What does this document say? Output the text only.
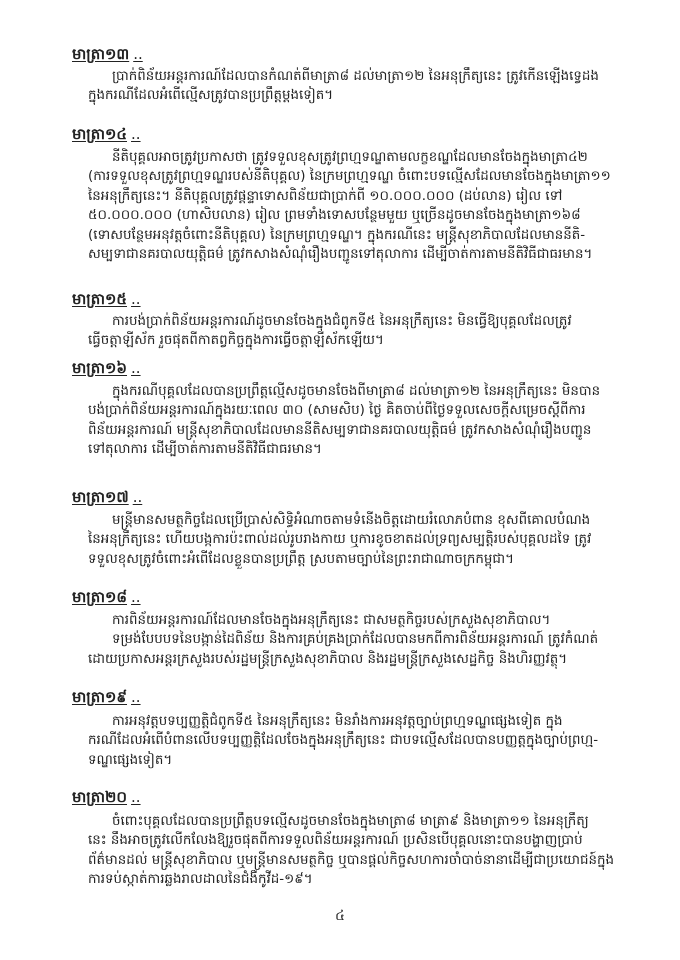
មាត្រា១៣ ..
ប្រាក់ពិន័យអន្តរការណ៍ដែលបានកំណត់ពីមាត្រា៨ ដល់មាត្រា១២ នៃអនុក្រឹត្យនេះ ត្រូវកើនឡើងទ្វេដង
ក្នុងករណីដែលអំពើល្មើសត្រូវបានប្រព្រឹត្តម្តងទៀត។
មាត្រា១៤ ..
នីតិបុគ្គលអាចត្រូវប្រកាសថា ត្រូវទទួលខុសត្រូវព្រហ្មទណ្ឌតាមលក្ខខណ្ឌដែលមានចែងក្នុងមាត្រា៤២
(ការទទួលខុសត្រូវព្រហ្មទណ្ឌរបស់នីតិបុគ្គល) នៃក្រមព្រហ្មទណ្ឌ ចំពោះបទល្មើសដែលមានចែងក្នុងមាត្រា១១
នៃអនុក្រឹត្យនេះ។ នីតិបុគ្គលត្រូវផ្តន្ទាទោសពិន័យជាប្រាក់ពី ១០.០០០.០០០ (ដប់លាន) រៀល ទៅ
៥០.០០០.០០០ (ហាសិបលាន) រៀល ព្រមទាំងទោសបន្ថែមមួយ ឬច្រើនដូចមានចែងក្នុងមាត្រា១៦៨
(ទោសបន្ថែមអនុវត្តចំពោះនីតិបុគ្គល) នៃក្រមព្រហ្មទណ្ឌ។ ក្នុងករណីនេះ មន្ត្រីសុខាភិបាលដែលមាននីតិ-
សម្បទាជានគរបាលយុត្តិធម៌ ត្រូវកសាងសំណុំរឿងបញ្ជូនទៅតុលាការ ដើម្បីចាត់ការតាមនីតិវិធីជាធរមាន។
មាត្រា១៥ ..
ការបង់ប្រាក់ពិន័យអន្តរការណ៍ដូចមានចែងក្នុងជំពូកទី៥ នៃអនុក្រឹត្យនេះ មិនធ្វើឱ្យបុគ្គលដែលត្រូវ
ធ្វើចត្តាឡីស័ក រួចផុតពីកាតព្វកិច្ចក្នុងការធ្វើចត្តាឡីស័កឡើយ។
មាត្រា១៦ ..
ក្នុងករណីបុគ្គលដែលបានប្រព្រឹត្តល្មើសដូចមានចែងពីមាត្រា៨ ដល់មាត្រា១២ នៃអនុក្រឹត្យនេះ មិនបាន
បង់ប្រាក់ពិន័យអន្តរការណ៍ក្នុងរយៈពេល ៣០ (សាមសិប) ថ្ងៃ គិតចាប់ពីថ្ងៃទទួលសេចក្តីសម្រេចស្តីពីការ
ពិន័យអន្តរការណ៍ មន្ត្រីសុខាភិបាលដែលមាននីតិសម្បទាជានគរបាលយុត្តិធម៌ ត្រូវកសាងសំណុំរឿងបញ្ជូន
ទៅតុលាការ ដើម្បីចាត់ការតាមនីតិវិធីជាធរមាន។
មាត្រា១៧ ..
មន្ត្រីមានសមត្ថកិច្ចដែលប្រើប្រាស់សិទ្ធិអំណាចតាមទំនើងចិត្តដោយរំលោភបំពាន ខុសពីគោលបំណង
នៃអនុក្រឹត្យនេះ ហើយបង្កការប៉ះពាល់ដល់រូបរាងកាយ ឬការខូចខាតដល់ទ្រព្យសម្បត្តិរបស់បុគ្គលដទៃ ត្រូវ
ទទួលខុសត្រូវចំពោះអំពើដែលខ្លួនបានប្រព្រឹត្ត ស្របតាមច្បាប់នៃព្រះរាជាណាចក្រកម្ពុជា។
មាត្រា១៨ ..
ការពិន័យអន្តរការណ៍ដែលមានចែងក្នុងអនុក្រឹត្យនេះ ជាសមត្ថកិច្ចរបស់ក្រសួងសុខាភិបាល។
ទម្រង់បែបបទនៃបង្កាន់ដៃពិន័យ និងការគ្រប់គ្រងប្រាក់ដែលបានមកពីការពិន័យអន្តរការណ៍ ត្រូវកំណត់
ដោយប្រកាសអន្តរក្រសួងរបស់រដ្ឋមន្ត្រីក្រសួងសុខាភិបាល និងរដ្ឋមន្ត្រីក្រសួងសេដ្ឋកិច្ច និងហិរញ្ញវត្ថុ។
មាត្រា១៩ ..
ការអនុវត្តបទប្បញ្ញត្តិជំពូកទី៥ នៃអនុក្រឹត្យនេះ មិនរាំងការអនុវត្តច្បាប់ព្រហ្មទណ្ឌផ្សេងទៀត ក្នុង
ករណីដែលអំពើបំពានលើបទប្បញ្ញត្តិដែលចែងក្នុងអនុក្រឹត្យនេះ ជាបទល្មើសដែលបានបញ្ញត្តក្នុងច្បាប់ព្រហ្ម-
ទណ្ឌផ្សេងទៀត។
មាត្រា២០ ..
ចំពោះបុគ្គលដែលបានប្រព្រឹត្តបទល្មើសដូចមានចែងក្នុងមាត្រា៨ មាត្រា៩ និងមាត្រា១១ នៃអនុក្រឹត្យ
នេះ នឹងអាចត្រូវលើកលែងឱ្យរួចផុតពីការទទួលពិន័យអន្តរការណ៍ ប្រសិនបើបុគ្គលនោះបានបង្ហាញប្រាប់
ព័ត៌មានដល់ មន្ត្រីសុខាភិបាល ឬមន្ត្រីមានសមត្ថកិច្ច ឬបានផ្តល់កិច្ចសហការចាំបាច់នានាដើម្បីជាប្រយោជន៍ក្នុង
ការទប់ស្កាត់ការឆ្លងរាលដាលនៃជំងឺកូវីដ-១៩។
៤
